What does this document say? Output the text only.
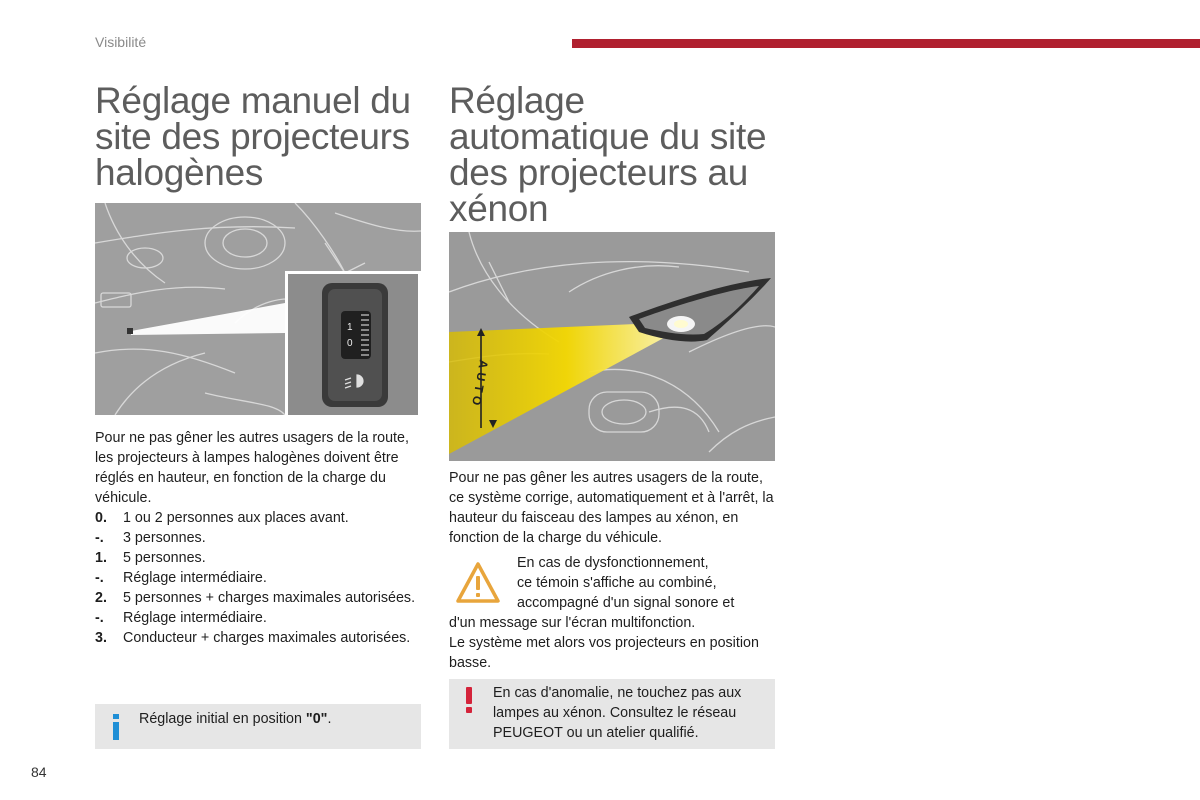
Visibilité
Réglage manuel du site des projecteurs halogènes
Réglage automatique du site des projecteurs au xénon
1
0
AUTO
Pour ne pas gêner les autres usagers de la route, les projecteurs à lampes halogènes doivent être réglés en hauteur, en fonction de la charge du véhicule.
0.	1 ou 2 personnes aux places avant.
-.	3 personnes.
1.	5 personnes.
-.	Réglage intermédiaire.
2.	5 personnes + charges maximales autorisées.
-.	Réglage intermédiaire.
3.	Conducteur + charges maximales autorisées.
Réglage initial en position "0".
Pour ne pas gêner les autres usagers de la route, ce système corrige, automatiquement et à l'arrêt, la hauteur du faisceau des lampes au xénon, en fonction de la charge du véhicule.
En cas de dysfonctionnement,
ce témoin s'affiche au combiné,
accompagné d'un signal sonore et
d'un message sur l'écran multifonction.
Le système met alors vos projecteurs en position basse.
En cas d'anomalie, ne touchez pas aux lampes au xénon. Consultez le réseau PEUGEOT ou un atelier qualifié.
84
